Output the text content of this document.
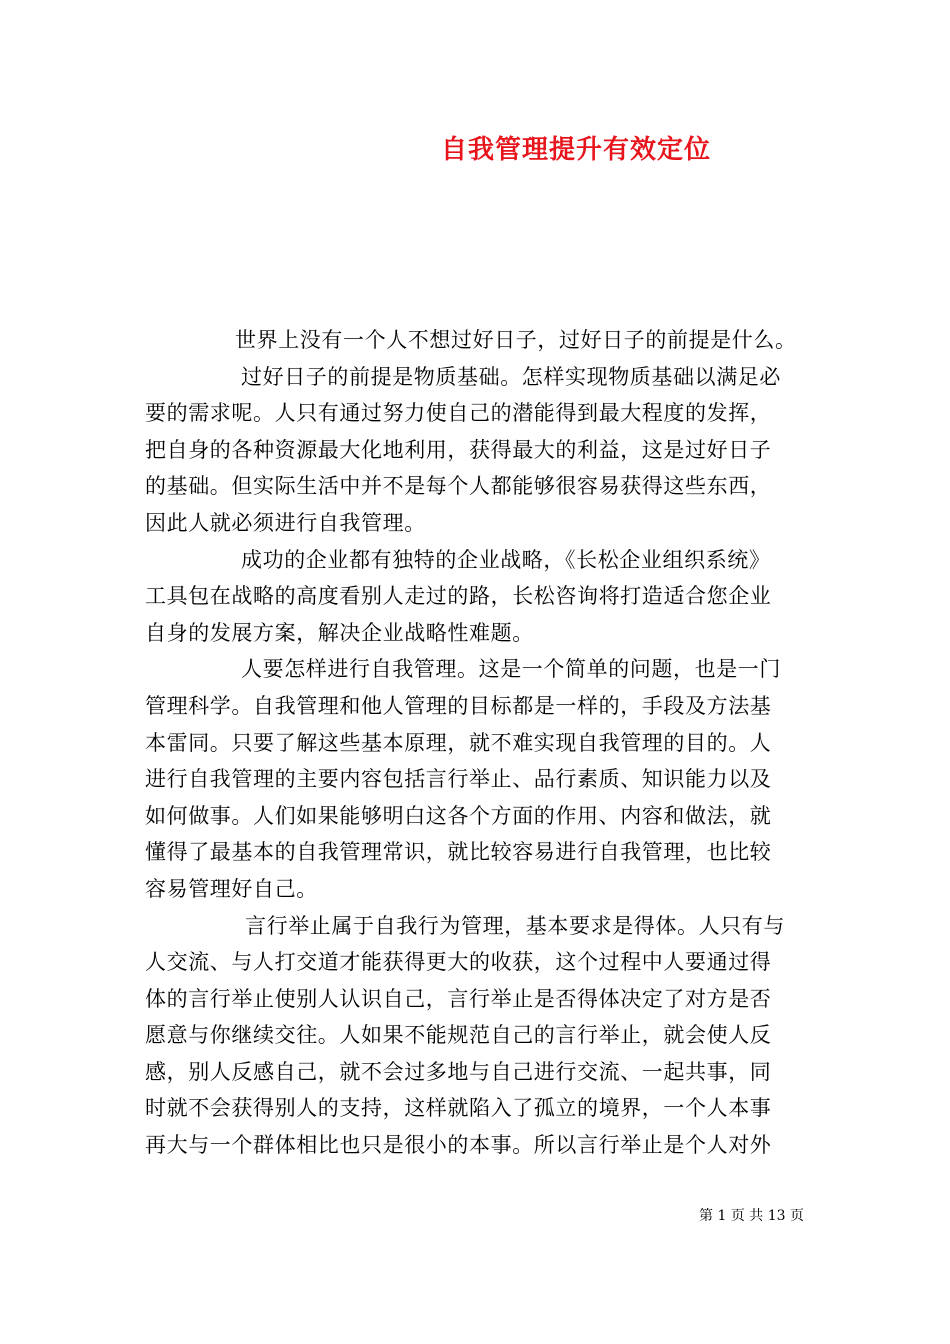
自我管理提升有效定位
世界上没有一个人不想过好日子，过好日子的前提是什么。
过好日子的前提是物质基础。怎样实现物质基础以满足必
要的需求呢。人只有通过努力使自己的潜能得到最大程度的发挥，
把自身的各种资源最大化地利用，获得最大的利益，这是过好日子
的基础。但实际生活中并不是每个人都能够很容易获得这些东西，
因此人就必须进行自我管理。
成功的企业都有独特的企业战略，《长松企业组织系统》
工具包在战略的高度看别人走过的路，长松咨询将打造适合您企业
自身的发展方案，解决企业战略性难题。
人要怎样进行自我管理。这是一个简单的问题，也是一门
管理科学。自我管理和他人管理的目标都是一样的，手段及方法基
本雷同。只要了解这些基本原理，就不难实现自我管理的目的。人
进行自我管理的主要内容包括言行举止、品行素质、知识能力以及
如何做事。人们如果能够明白这各个方面的作用、内容和做法，就
懂得了最基本的自我管理常识，就比较容易进行自我管理，也比较
容易管理好自己。
言行举止属于自我行为管理，基本要求是得体。人只有与
人交流、与人打交道才能获得更大的收获，这个过程中人要通过得
体的言行举止使别人认识自己，言行举止是否得体决定了对方是否
愿意与你继续交往。人如果不能规范自己的言行举止，就会使人反
感，别人反感自己，就不会过多地与自己进行交流、一起共事，同
时就不会获得别人的支持，这样就陷入了孤立的境界，一个人本事
再大与一个群体相比也只是很小的本事。所以言行举止是个人对外
第 1 页 共 13 页
